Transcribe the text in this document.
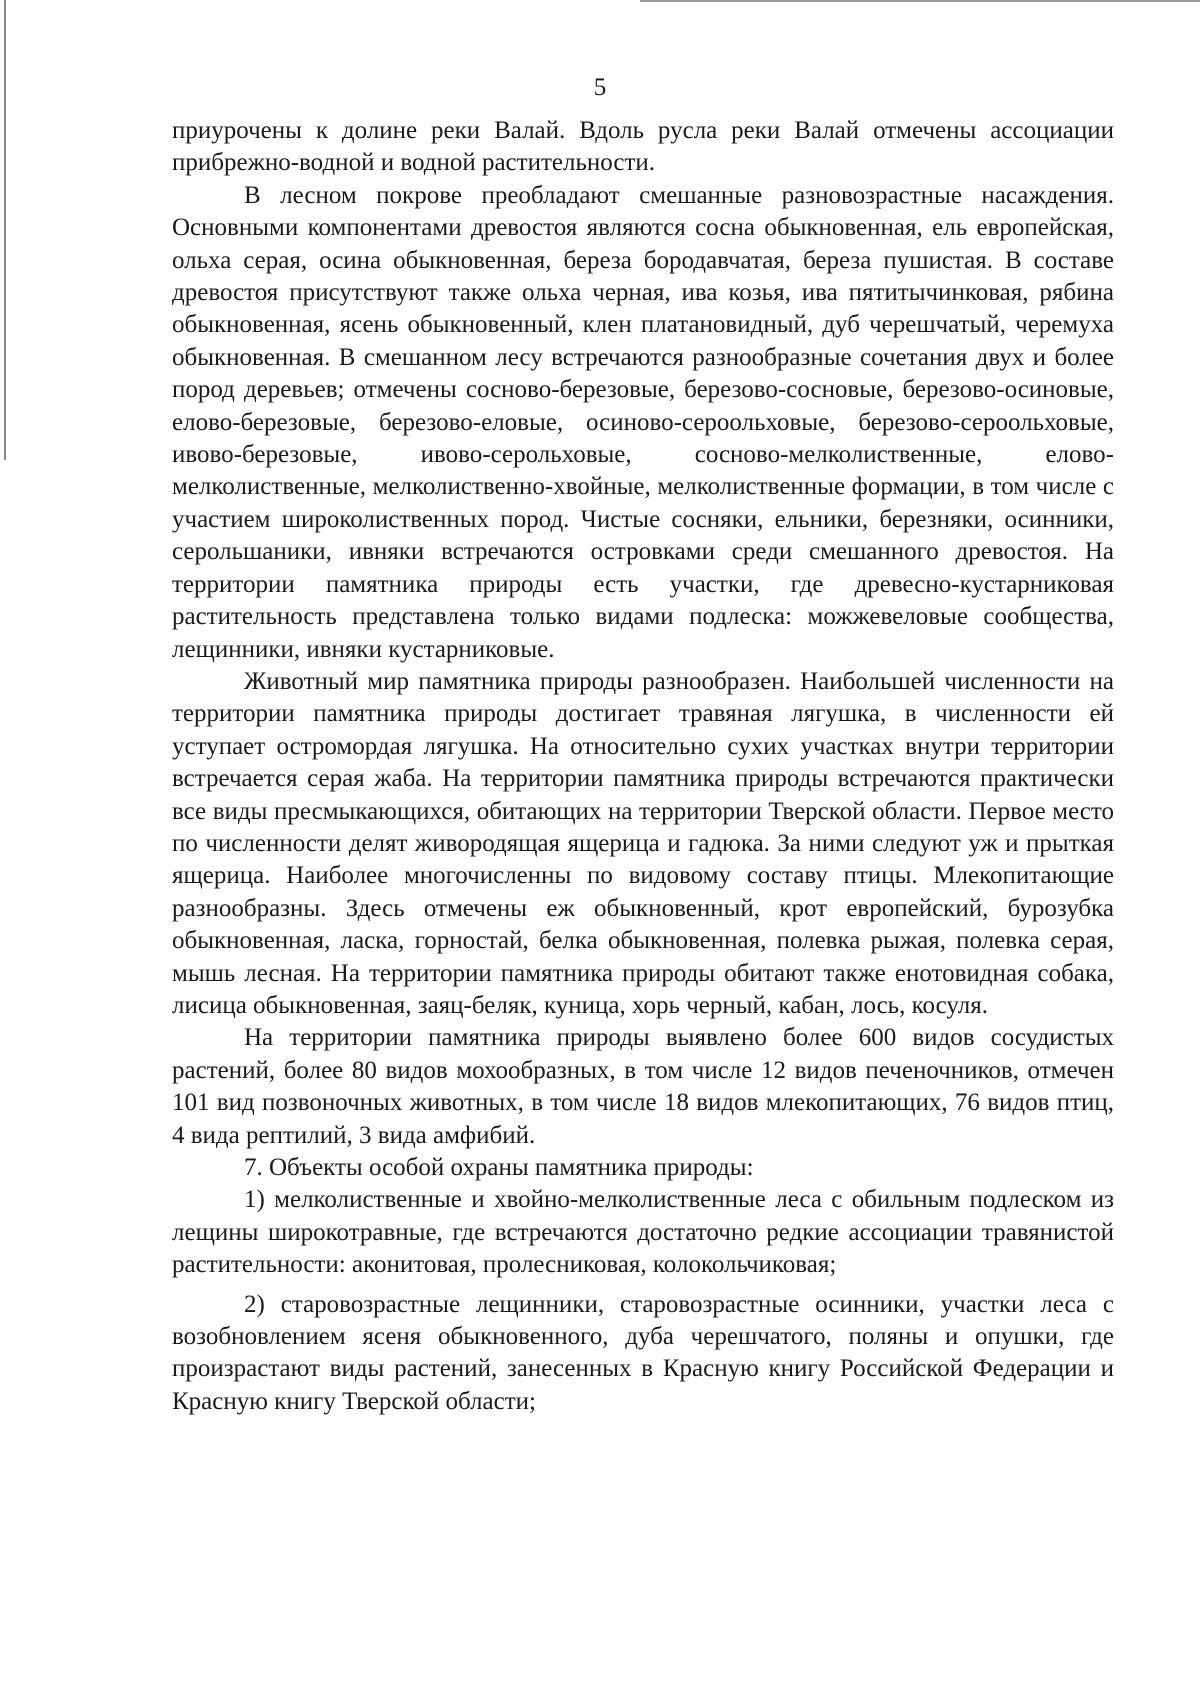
5

приурочены к долине реки Валай. Вдоль русла реки Валай отмечены ассоциации прибрежно-водной и водной растительности.

В лесном покрове преобладают смешанные разновозрастные насаждения. Основными компонентами древостоя являются сосна обыкновенная, ель европейская, ольха серая, осина обыкновенная, береза бородавчатая, береза пушистая. В составе древостоя присутствуют также ольха черная, ива козья, ива пятитычинковая, рябина обыкновенная, ясень обыкновенный, клен платановидный, дуб черешчатый, черемуха обыкновенная. В смешанном лесу встречаются разнообразные сочетания двух и более пород деревьев; отмечены сосново-березовые, березово-сосновые, березово-осиновые, елово-березовые, березово-еловые, осиново-сероольховые, березово-сероольховые, ивово-березовые, ивово-серольховые, сосново-мелколиственные, елово-мелколиственные, мелколиственно-хвойные, мелколиственные формации, в том числе с участием широколиственных пород. Чистые сосняки, ельники, березняки, осинники, серольшаники, ивняки встречаются островками среди смешанного древостоя. На территории памятника природы есть участки, где древесно-кустарниковая растительность представлена только видами подлеска: можжевеловые сообщества, лещинники, ивняки кустарниковые.

Животный мир памятника природы разнообразен. Наибольшей численности на территории памятника природы достигает травяная лягушка, в численности ей уступает остромордая лягушка. На относительно сухих участках внутри территории встречается серая жаба. На территории памятника природы встречаются практически все виды пресмыкающихся, обитающих на территории Тверской области. Первое место по численности делят живородящая ящерица и гадюка. За ними следуют уж и прыткая ящерица. Наиболее многочисленны по видовому составу птицы. Млекопитающие разнообразны. Здесь отмечены еж обыкновенный, крот европейский, бурозубка обыкновенная, ласка, горностай, белка обыкновенная, полевка рыжая, полевка серая, мышь лесная. На территории памятника природы обитают также енотовидная собака, лисица обыкновенная, заяц-беляк, куница, хорь черный, кабан, лось, косуля.

На территории памятника природы выявлено более 600 видов сосудистых растений, более 80 видов мохообразных, в том числе 12 видов печеночников, отмечен 101 вид позвоночных животных, в том числе 18 видов млекопитающих, 76 видов птиц, 4 вида рептилий, 3 вида амфибий.

7. Объекты особой охраны памятника природы:

1) мелколиственные и хвойно-мелколиственные леса с обильным подлеском из лещины широкотравные, где встречаются достаточно редкие ассоциации травянистой растительности: аконитовая, пролесниковая, колокольчиковая;

2) старовозрастные лещинники, старовозрастные осинники, участки леса с возобновлением ясеня обыкновенного, дуба черешчатого, поляны и опушки, где произрастают виды растений, занесенных в Красную книгу Российской Федерации и Красную книгу Тверской области;
